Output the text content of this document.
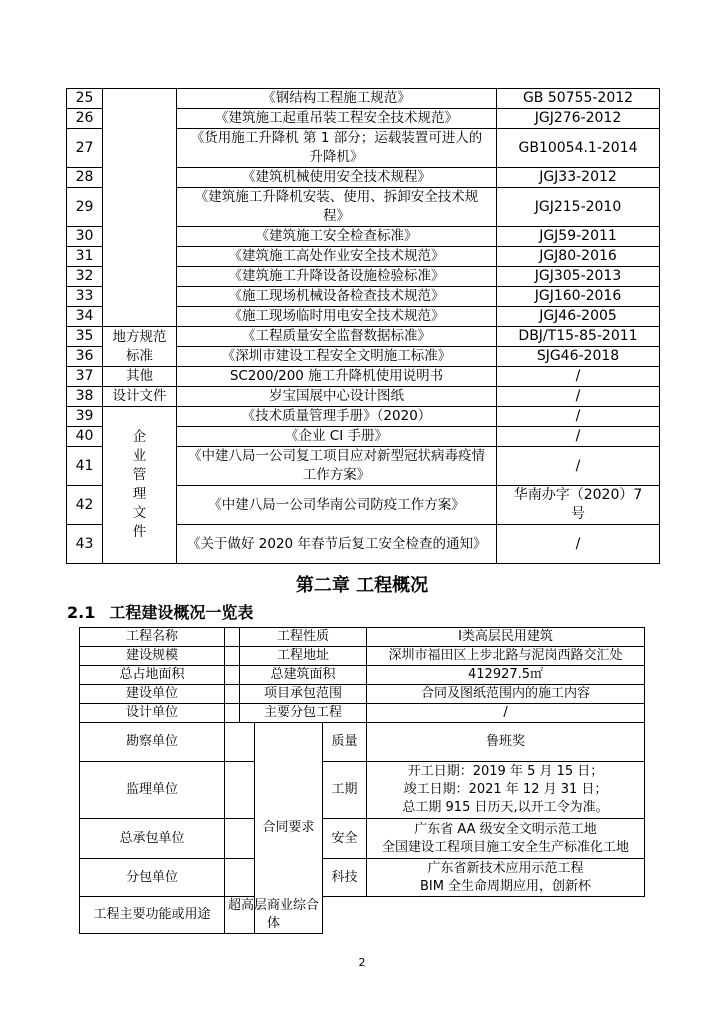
25		《钢结构工程施工规范》	GB 50755-2012
26		《建筑施工起重吊装工程安全技术规范》	JGJ276-2012
27		《货用施工升降机 第 1 部分；运载装置可进人的升降机》	GB10054.1-2014
28		《建筑机械使用安全技术规程》	JGJ33-2012
29		《建筑施工升降机安装、使用、拆卸安全技术规程》	JGJ215-2010
30		《建筑施工安全检查标准》	JGJ59-2011
31		《建筑施工高处作业安全技术规范》	JGJ80-2016
32		《建筑施工升降设备设施检验标准》	JGJ305-2013
33		《施工现场机械设备检查技术规范》	JGJ160-2016
34		《施工现场临时用电安全技术规范》	JGJ46-2005
35	地方规范标准	《工程质量安全监督数据标准》	DBJ/T15-85-2011
36		《深圳市建设工程安全文明施工标准》	SJG46-2018
37	其他	SC200/200 施工升降机使用说明书	/
38	设计文件	岁宝国展中心设计图纸	/
39	企业管理文件	《技术质量管理手册》（2020）	/
40		《企业 CI 手册》	/
41		《中建八局一公司复工项目应对新型冠状病毒疫情工作方案》	/
42		《中建八局一公司华南公司防疫工作方案》	华南办字（2020）7 号
43		《关于做好 2020 年春节后复工安全检查的通知》	/
第二章 工程概况
2.1 工程建设概况一览表
工程名称		工程性质			Ⅰ类高层民用建筑
建设规模		工程地址			深圳市福田区上步北路与泥岗西路交汇处
总占地面积		总建筑面积			412927.5㎡
建设单位		项目承包范围			合同及图纸范围内的施工内容
设计单位		主要分包工程			/
勘察单位			合同要求	质量	鲁班奖
监理单位				工期	开工日期：2019 年 5 月 15 日；
竣工日期：2021 年 12 月 31 日；
总工期 915 日历天,以开工令为准。

总承包单位				安全	广东省 AA 级安全文明示范工地
全国建设工程项目施工安全生产标准化工地

分包单位				科技	广东省新技术应用示范工程
BIM 全生命周期应用，创新杯

工程主要功能或用途	超高层商业综合体				
2
